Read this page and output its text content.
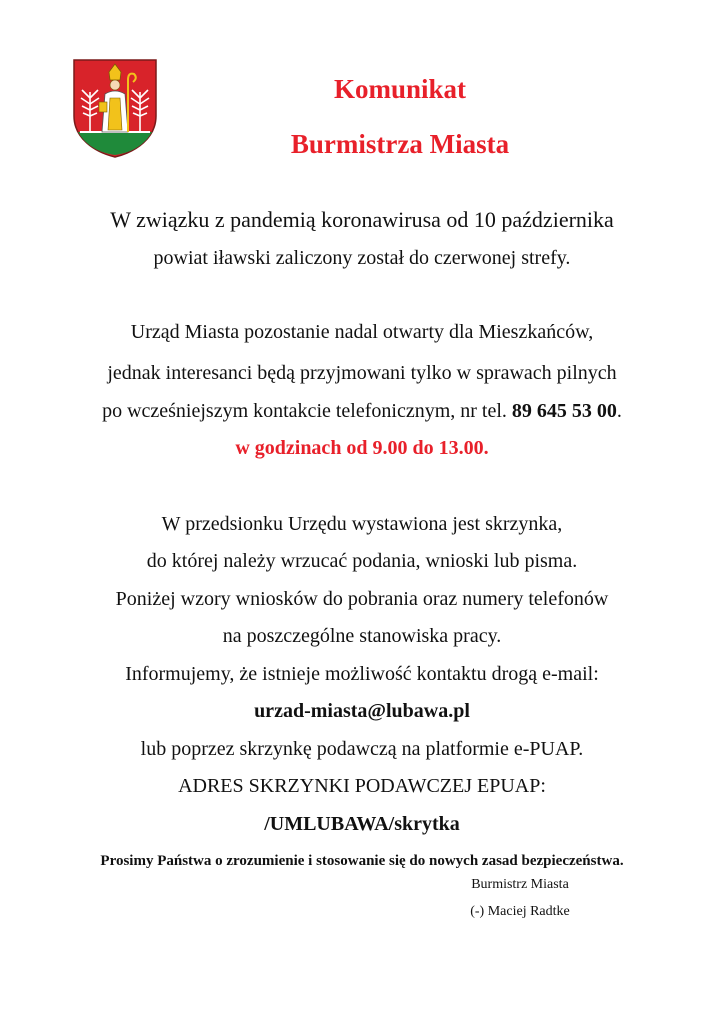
Komunikat
Burmistrza Miasta
W związku z pandemią koronawirusa od 10 października
powiat iławski zaliczony został do czerwonej strefy.
Urząd Miasta pozostanie nadal otwarty dla Mieszkańców,
jednak interesanci będą przyjmowani tylko w sprawach pilnych
po wcześniejszym kontakcie telefonicznym, nr tel. 89 645 53 00.
w godzinach od 9.00 do 13.00.
W przedsionku Urzędu wystawiona jest skrzynka,
do której należy wrzucać podania, wnioski lub pisma.
Poniżej wzory wniosków do pobrania oraz numery telefonów
na poszczególne stanowiska pracy.
Informujemy, że istnieje możliwość kontaktu drogą e-mail:
urzad-miasta@lubawa.pl
lub poprzez skrzynkę podawczą na platformie e-PUAP.
ADRES SKRZYNKI PODAWCZEJ EPUAP:
/UMLUBAWA/skrytka
Prosimy Państwa o zrozumienie i stosowanie się do nowych zasad bezpieczeństwa.
Burmistrz Miasta
(-) Maciej Radtke
